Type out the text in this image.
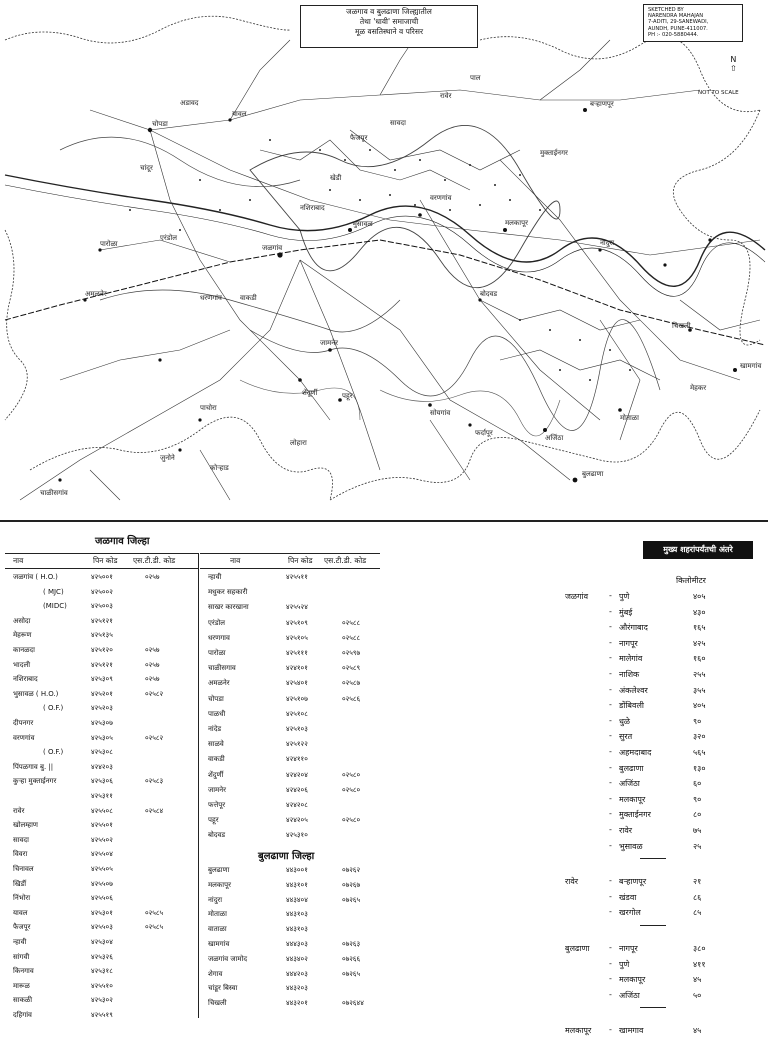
चोपडा
यावल
रावेर
बऱ्हाणपूर
जळगांव
भुसावळ
जामनेर
पाचोरा
चाळीसगांव
मलकापूर
नांदुरा
खामगांव
बुलढाणा
शेंदूर्णी	पहूर
पारोळा
एरंडोल
धरणगांव
अमळनेर	बोदवड
मुक्ताईनगर
वरणगांव
फैजपूर
सावदा
चिखली
मेहकर
मोताळा
अजिंठा
फर्दापूर
सोयगांव
लोहारा
वाकडी
नशिराबाद
कोऱ्हाड
जुनोने
चांदूर
अडावद
पाल
खेडी
जळगाव व बुलढाणा जिल्ह्यातील
तेथा 'धावी' समाजाची
मूळ वसतिस्थाने व परिसर
SKETCHED BY
NARENDRA MAHAJAN
7-ADITI, 29-SANEWADI,
AUNDH, PUNE-411007.
PH :- 020-5880444.
N
⇧
NOT TO SCALE
जळगाव जिल्हा
नाव	पिन कोड एस.टी.डी. कोड
जळगांव ( H.O.)	४२५००१	०२५७
( MJC)	४२५००२
(MIDC)	४२५००३
असोदा	४२५१२१
मेहरूण	४२५१३५
कानळदा	४२५१२०	०२५७
भादली	४२५१२१	०२५७
नशिराबाद	४२५३०९	०२५७
भुसावळ ( H.O.)	४२५२०१	०२५८२
( O.F.)	४२५२०३
दीपनगर	४२५३०७
वरणगांव	४२५३०५	०२५८२
( O.F.)	४२५३०८
पिंपळगाव बु. ||	४२४२०३
कुऱ्हा मुक्ताईनगर	४२५३०६	०२५८३
४२५३११
रावेर	४२५५०८	०२५८४
खोलम्हाण	४२५५०१
सावदा	४२५५०२
विवरा	४२५५०४
चिनावल	४२५५०५
खिर्डी	४२५५०७
निंभोरा	४२५५०६
यावल	४२५३०१	०२५८५
फैजपूर	४२५५०३	०२५८५
न्हावी	४२५३०४
सांगवी	४२५३२६
किनगाव	४२५३१८
मारूळ	४२५५१०
साकळी	४२५३०२
दहिगांव	४२५५१९
नाव	पिन कोड एस.टी.डी. कोड
न्हावी	४२५५११
मधुकर सहकारी
साखर कारखाना	४२५५२४
एरंडोल	४२५१०९	०२५८८
धरणगाव	४२५१०५	०२५८८
पारोळा	४२५१११	०२५९७
चाळीसगाव	४२४१०१	०२५८९
अमळनेर	४२५४०१	०२५८७
चोपडा	४२५१०७	०२५८६
पाळधी	४२५१०८
नांदेड	४२५१०३
साळवे	४२५१२२
वाकडी	४२४११०
शेंदुर्णी	४२४२०४	०२५८०
जामनेर	४२४२०६	०२५८०
फत्तेपूर	४२४२०८
पहूर	४२४२०५	०२५८०
बोदवड	४२५३१०
बुलढाणा जिल्हा
बुलढाणा	४४३००१	०७२६२
मलकापूर	४४३१०१	०७२६७
नांदुरा	४४३४०४	०७२६५
मोताळा	४४३१०३
वाताळा	४४३१०३
खामगांव	४४४३०३	०७२६३
जळगांव जामोद	४४३४०२	०७२६६
शेगाव	४४४२०३	०७२६५
चांडूर बिस्वा	४४३२०३
चिखली	४४३२०१	०७२६४४
मुख्य शहरांपर्यंतची अंतरे
किलोमीटर
जळगांव	- पुणे	४०५
- मुंबई	४३०
- औरंगाबाद	१६५
- नागपूर	४२५
- मालेगांव	१६०
- नाशिक	२५५
- अंकलेश्वर	३५५
- डोंबिवली	४०५
- धुळे	९०
- सुरत	३२०
- अहमदाबाद	५६५
- बुलढाणा	१३०
- अजिंठा	६०
- मलकापूर	९०
- मुक्ताईनगर	८०
- रावेर	७५
- भुसावळ	२५
रावेर	- बऱ्हाणपूर	२१
- खंडवा	८६
- खरगोल	८५
बुलढाणा - नागपूर	३८०
- पुणे	४११
- मलकापूर	४५
- अजिंठा	५०
मलकापूर - खामगाव	४५
